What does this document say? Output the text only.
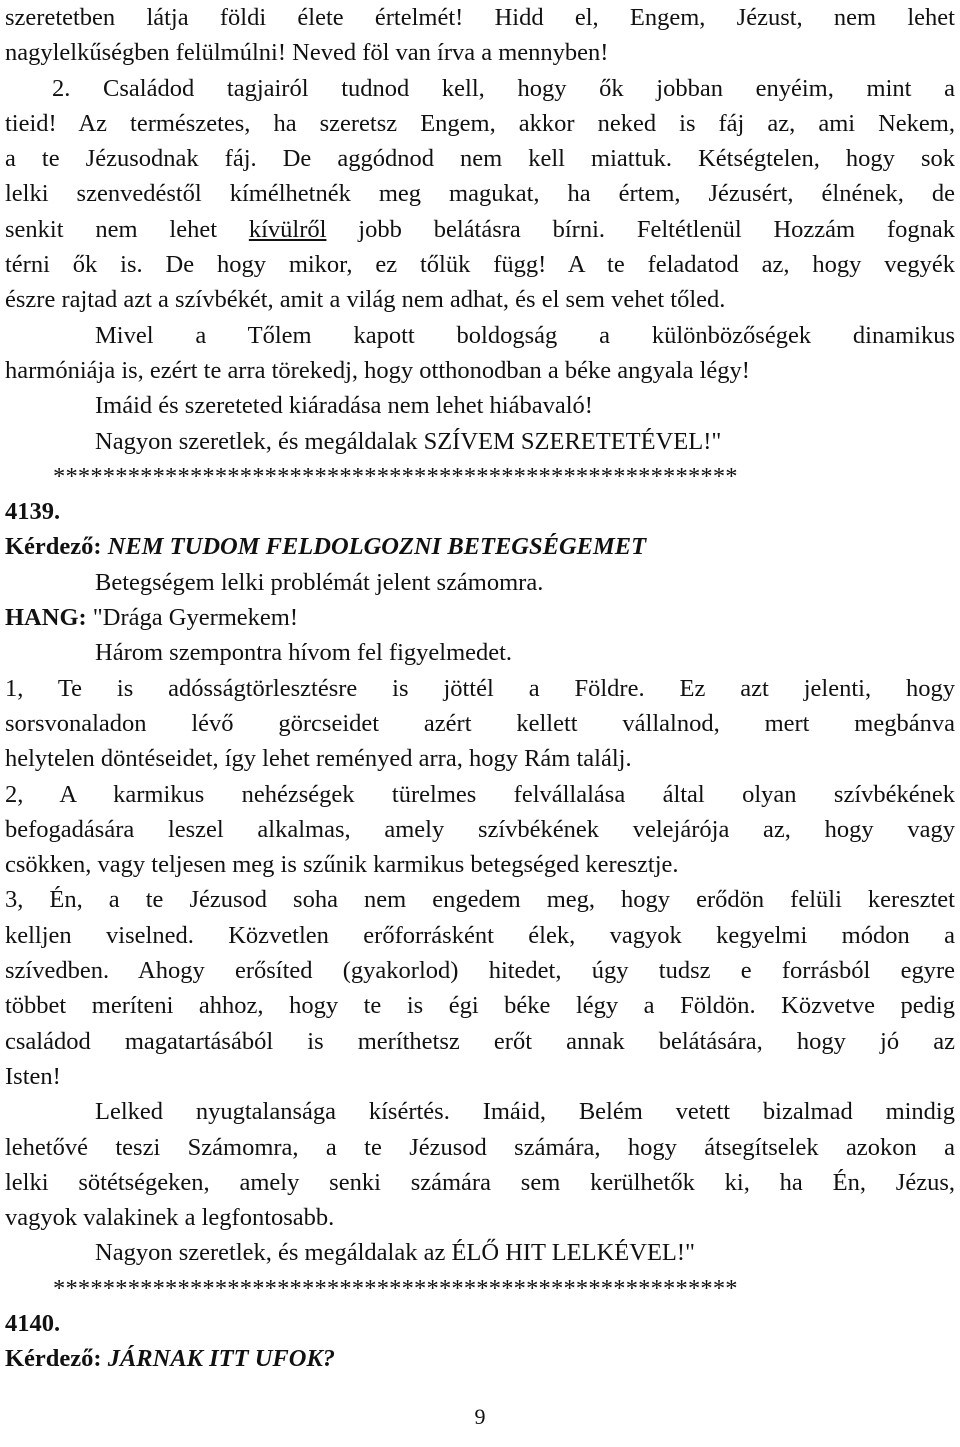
szeretetben látja földi élete értelmét! Hidd el, Engem, Jézust, nem lehet
nagylelkűségben felülmúlni! Neved föl van írva a mennyben!
2. Családod tagjairól tudnod kell, hogy ők jobban enyéim, mint a
tieid! Az természetes, ha szeretsz Engem, akkor neked is fáj az, ami Nekem,
a te Jézusodnak fáj. De aggódnod nem kell miattuk. Kétségtelen, hogy sok
lelki szenvedéstől kímélhetnék meg magukat, ha értem, Jézusért, élnének, de
senkit nem lehet kívülről jobb belátásra bírni. Feltétlenül Hozzám fognak
térni ők is. De hogy mikor, ez tőlük függ! A te feladatod az, hogy vegyék
észre rajtad azt a szívbékét, amit a világ nem adhat, és el sem vehet tőled.
Mivel a Tőlem kapott boldogság a különbözőségek dinamikus
harmóniája is, ezért te arra törekedj, hogy otthonodban a béke angyala légy!
Imáid és szereteted kiáradása nem lehet hiábavaló!
Nagyon szeretlek, és megáldalak SZÍVEM SZERETETÉVEL!"
*******************************************************
4139.
Kérdező: NEM TUDOM FELDOLGOZNI BETEGSÉGEMET
Betegségem lelki problémát jelent számomra.
HANG: "Drága Gyermekem!
Három szempontra hívom fel figyelmedet.
1, Te is adósságtörlesztésre is jöttél a Földre. Ez azt jelenti, hogy
sorsvonaladon lévő görcseidet azért kellett vállalnod, mert megbánva
helytelen döntéseidet, így lehet reményed arra, hogy Rám találj.
2, A karmikus nehézségek türelmes felvállalása által olyan szívbékének
befogadására leszel alkalmas, amely szívbékének velejárója az, hogy vagy
csökken, vagy teljesen meg is szűnik karmikus betegséged keresztje.
3, Én, a te Jézusod soha nem engedem meg, hogy erődön felüli keresztet
kelljen viselned. Közvetlen erőforrásként élek, vagyok kegyelmi módon a
szívedben. Ahogy erősíted (gyakorlod) hitedet, úgy tudsz e forrásból egyre
többet meríteni ahhoz, hogy te is égi béke légy a Földön. Közvetve pedig
családod magatartásából is meríthetsz erőt annak belátására, hogy jó az
Isten!
Lelked nyugtalansága kísértés. Imáid, Belém vetett bizalmad mindig
lehetővé teszi Számomra, a te Jézusod számára, hogy átsegítselek azokon a
lelki sötétségeken, amely senki számára sem kerülhetők ki, ha Én, Jézus,
vagyok valakinek a legfontosabb.
Nagyon szeretlek, és megáldalak az ÉLŐ HIT LELKÉVEL!"
*******************************************************
4140.
Kérdező: JÁRNAK ITT UFOK?
9
